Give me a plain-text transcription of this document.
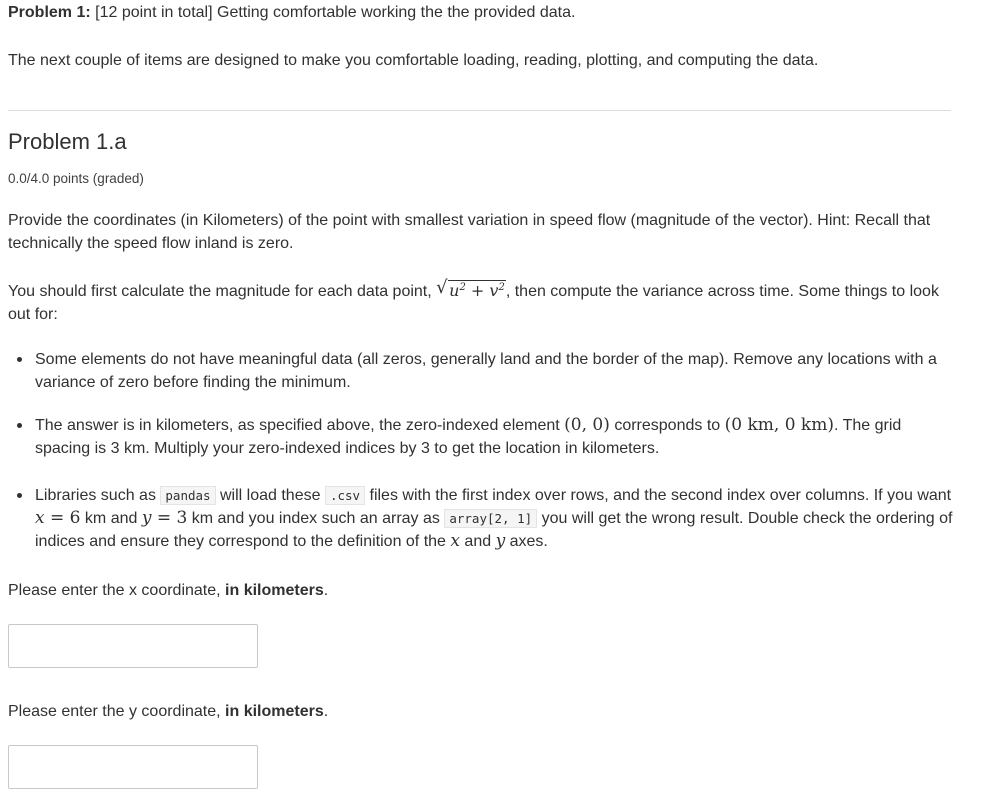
Problem 1: [12 point in total] Getting comfortable working the the provided data.
The next couple of items are designed to make you comfortable loading, reading, plotting, and computing the data.
Problem 1.a
0.0/4.0 points (graded)

Provide the coordinates (in Kilometers) of the point with smallest variation in speed flow (magnitude of the vector). Hint: Recall that technically the speed flow inland is zero.

You should first calculate the magnitude for each data point, √ $u^2 + v^2$, then compute the variance across time. Some things to look out for:

Some elements do not have meaningful data (all zeros, generally land and the border of the map). Remove any locations with a variance of zero before finding the minimum.
The answer is in kilometers, as specified above, the zero-indexed element (0, 0) corresponds to (0 km, 0 km). The grid spacing is 3 km. Multiply your zero-indexed indices by 3 to get the location in kilometers.
Libraries such as pandas will load these .csv files with the first index over rows, and the second index over columns. If you want x = 6 km and y = 3 km and you index such an array as array[2, 1] you will get the wrong result. Double check the ordering of indices and ensure they correspond to the definition of the x and y axes.
Please enter the x coordinate, in kilometers.
Please enter the y coordinate, in kilometers.
